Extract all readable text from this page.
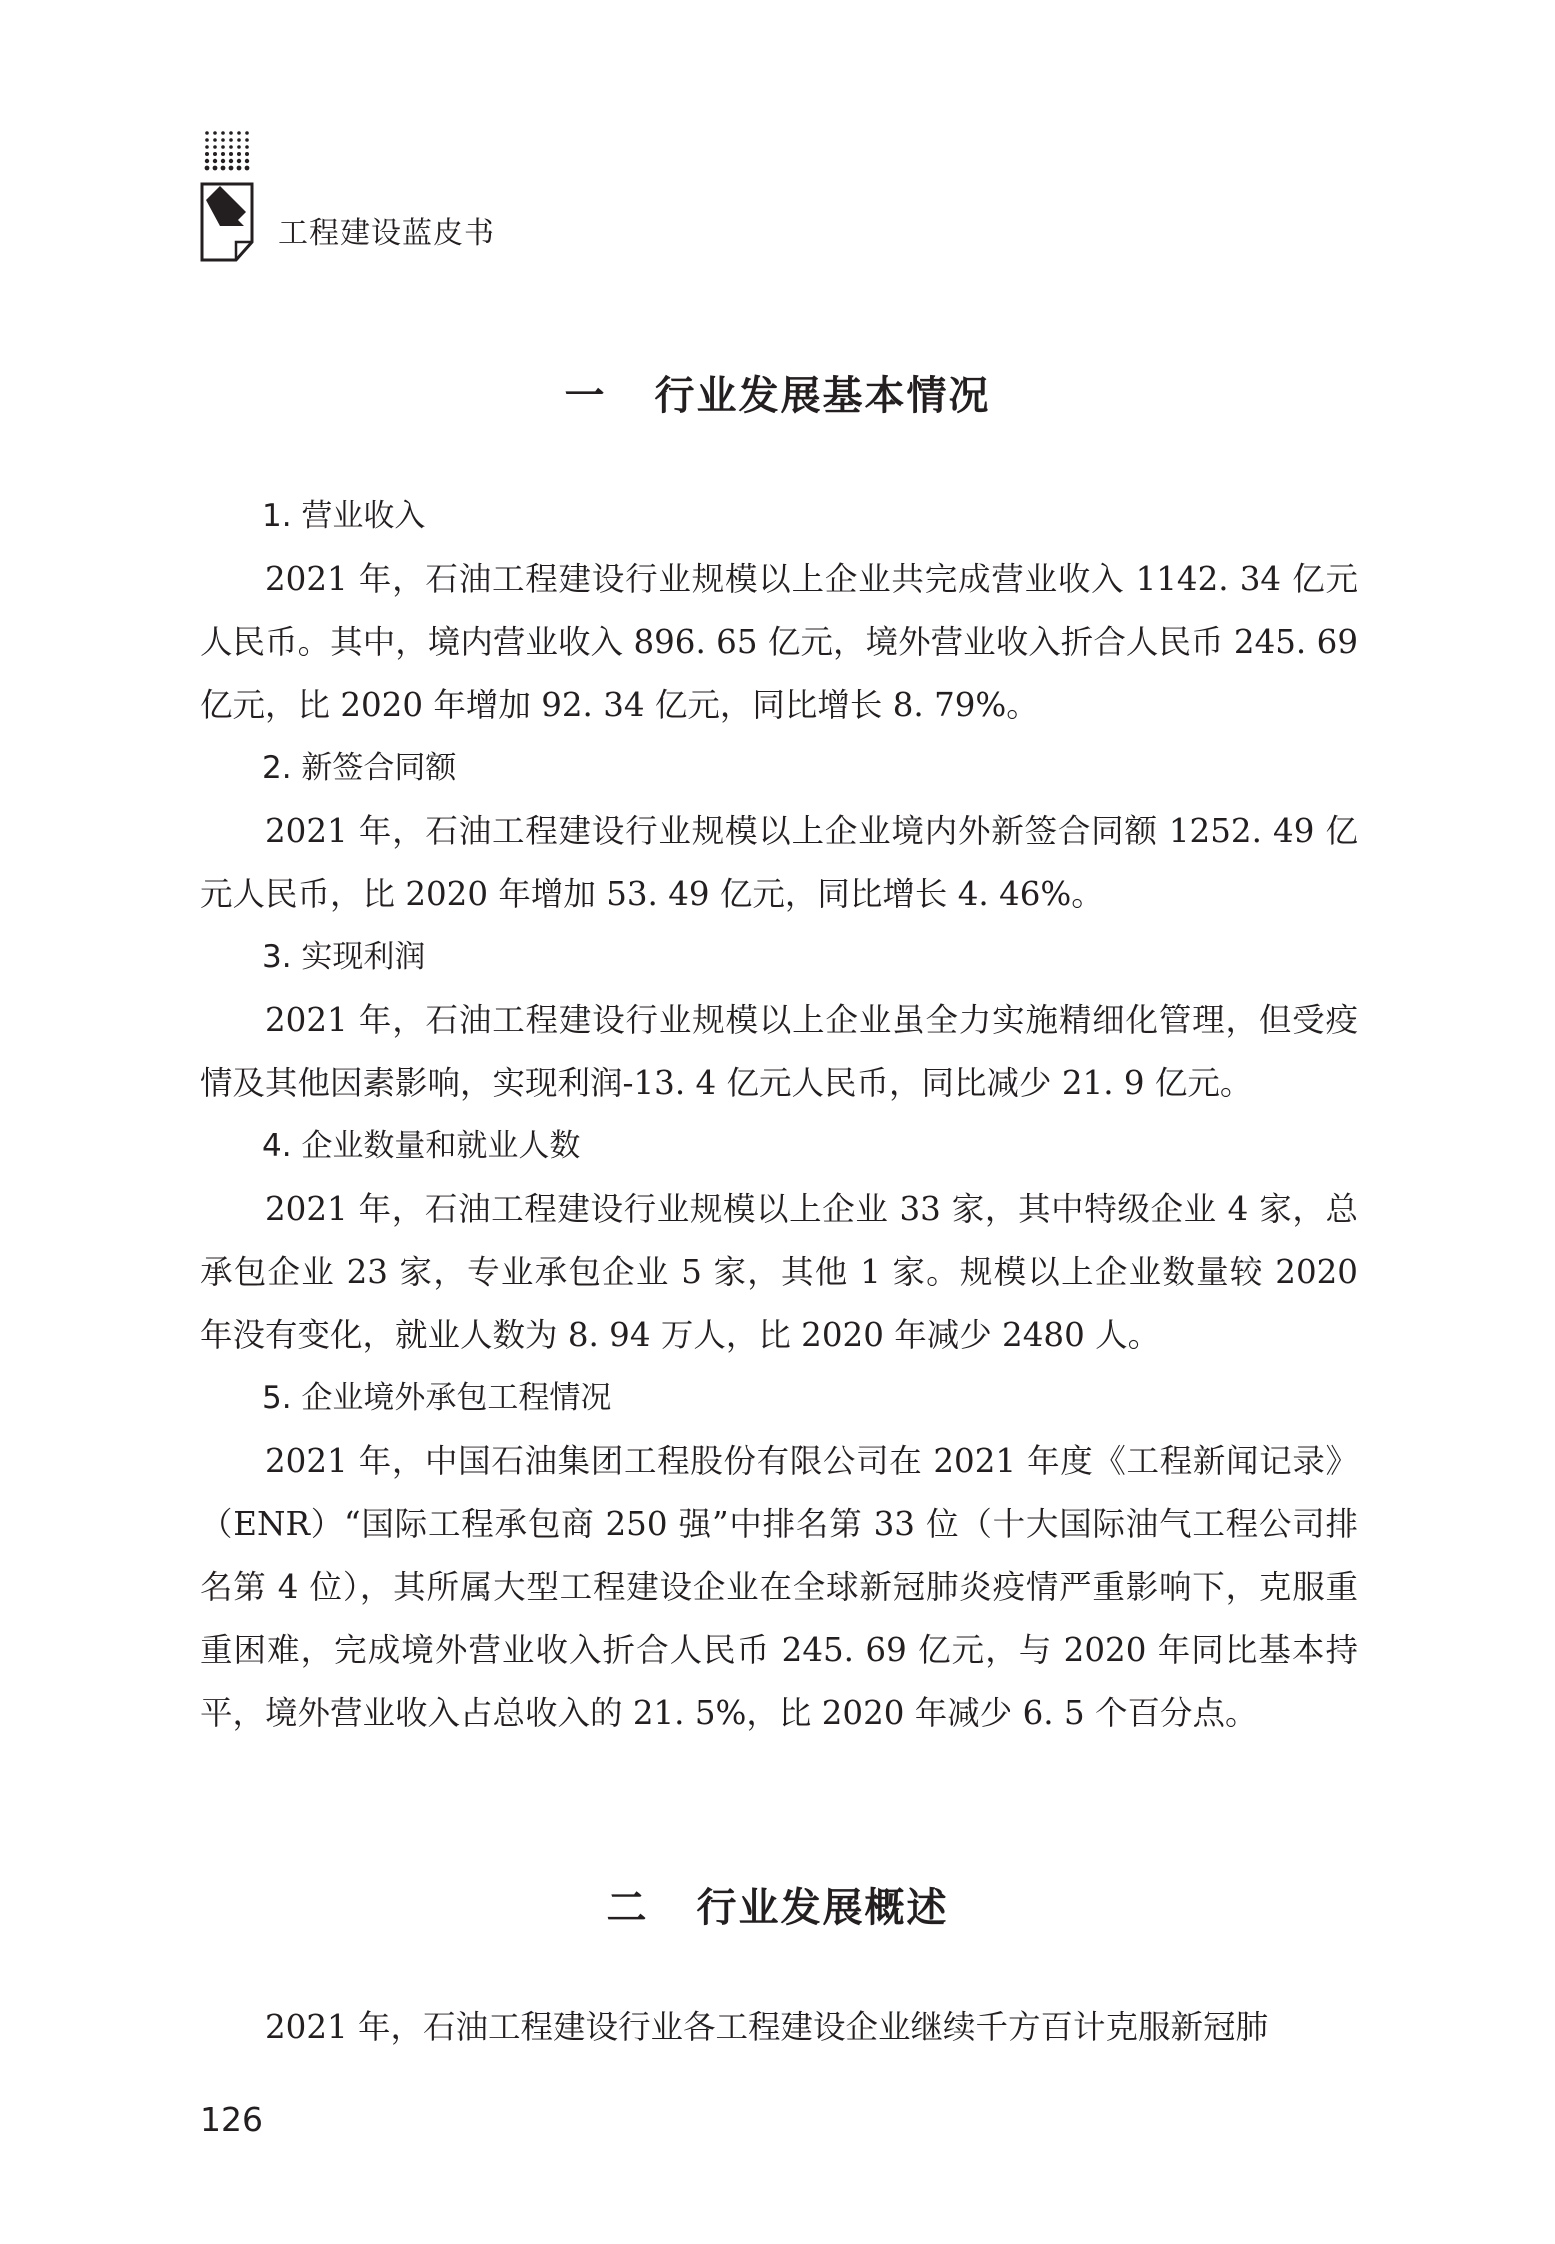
工程建设蓝皮书
一 行业发展基本情况

1. 营业收入

2021 年，石油工程建设行业规模以上企业共完成营业收入 1142. 34 亿元人民币。其中，境内营业收入 896. 65 亿元，境外营业收入折合人民币 245. 69 亿元，比 2020 年增加 92. 34 亿元，同比增长 8. 79%。

2. 新签合同额

2021 年，石油工程建设行业规模以上企业境内外新签合同额 1252. 49 亿元人民币，比 2020 年增加 53. 49 亿元，同比增长 4. 46%。

3. 实现利润

2021 年，石油工程建设行业规模以上企业虽全力实施精细化管理，但受疫情及其他因素影响，实现利润-13. 4 亿元人民币，同比减少 21. 9 亿元。

4. 企业数量和就业人数

2021 年，石油工程建设行业规模以上企业 33 家，其中特级企业 4 家，总承包企业 23 家，专业承包企业 5 家，其他 1 家。规模以上企业数量较 2020 年没有变化，就业人数为 8. 94 万人，比 2020 年减少 2480 人。

5. 企业境外承包工程情况

2021 年，中国石油集团工程股份有限公司在 2021 年度《工程新闻记录》（ENR）“国际工程承包商 250 强”中排名第 33 位（十大国际油气工程公司排名第 4 位），其所属大型工程建设企业在全球新冠肺炎疫情严重影响下，克服重重困难，完成境外营业收入折合人民币 245. 69 亿元，与 2020 年同比基本持平，境外营业收入占总收入的 21. 5%，比 2020 年减少 6. 5 个百分点。

二 行业发展概述

2021 年，石油工程建设行业各工程建设企业继续千方百计克服新冠肺

126
